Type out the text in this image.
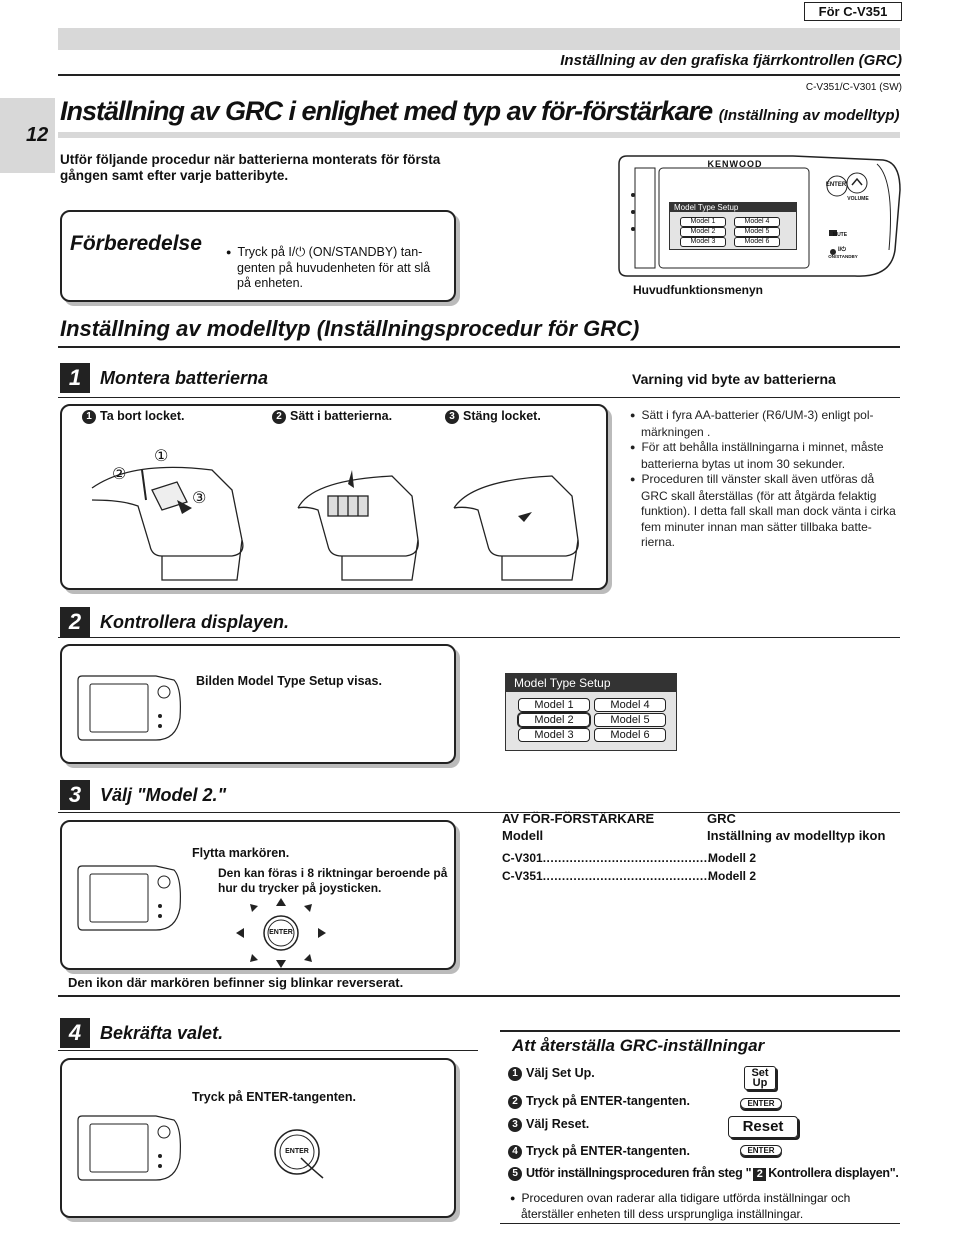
För C-V351
Inställning av den grafiska fjärrkontrollen (GRC)
C-V351/C-V301 (SW)
12
Inställning av GRC i enlighet med typ av för-förstärkare (Inställning av modelltyp)
Utför följande procedur när batterierna monterats för första
gången samt efter varje batteribyte.
Förberedelse
●	Tryck på I/⏻ (ON/STANDBY) tan-
genten på huvudenheten för att slå
på enheten.
KENWOOD
ENTER
VOLUME
MUTE
I/⏻
ON/STANDBY
Model Type Setup
Model 1
Model 2
Model 3
Model 4
Model 5
Model 6
Huvudfunktionsmenyn
Inställning av modelltyp (Inställningsprocedur för GRC)
1	Montera batterierna	Varning vid byte av batterierna
1 Ta bort locket.	2 Sätt i batterierna.	3 Stäng locket.
①
②
③
● Sätt i fyra AA-batterier (R6/UM-3) enligt pol-
märkningen .
● För att behålla inställningarna i minnet, måste
batterierna bytas ut inom 30 sekunder.
● Proceduren till vänster skall även utföras då
GRC skall återställas (för att åtgärda felaktig
funktion). I detta fall skall man dock vänta i cirka
fem minuter innan man sätter tillbaka batte-
rierna.
2	Kontrollera displayen.
Bilden Model Type Setup visas.	Model Type Setup
Model 1
Model 2
Model 3
Model 4
Model 5
Model 6
3	Välj "Model 2."
Flytta markören.
Den kan föras i 8 riktningar beroende på
hur du trycker på joysticken.
ENTER
Den ikon där markören befinner sig blinkar reverserat.
AV FÖR-FÖRSTÄRKARE
Modell
GRC
Inställning av modelltyp ikon
C-V301............................................
Modell 2
C-V351............................................
Modell 2
4	Bekräfta valet.
Tryck på ENTER-tangenten.
ENTER
Att återställa GRC-inställningar
1 Välj Set Up.
2 Tryck på ENTER-tangenten.
3 Välj Reset.
4 Tryck på ENTER-tangenten.
5 Utför inställningsproceduren från steg " 2 Kontrollera displayen".
Set Up
ENTER
Reset
ENTER
● Proceduren ovan raderar alla tidigare utförda inställningar och
återställer enheten till dess ursprungliga inställningar.
